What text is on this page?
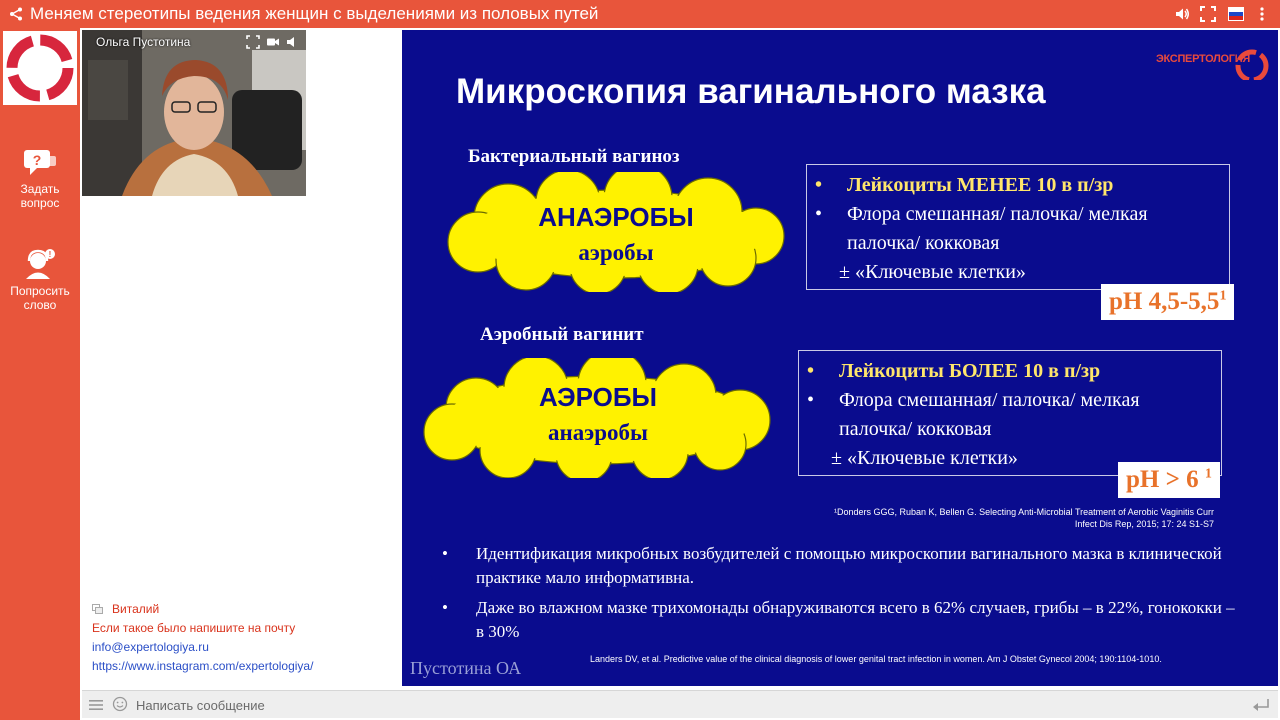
Меняем стереотипы ведения женщин с выделениями из половых путей
?
Задать вопрос
!
Попросить слово
Ольга Пустотина
Виталий
Если такое было напишите на почту
info@expertologiya.ru
https://www.instagram.com/expertologiya/
Написать сообщение
ЭКСПЕРТОЛОГИЯ
Микроскопия вагинального мазка
Бактериальный вагиноз
АНАЭРОБЫ
аэробы
• Лейкоциты МЕНЕЕ 10 в п/зр
• Флора смешанная/ палочка/ мелкая
палочка/ кокковая
± «Ключевые клетки»
pH $4,5-5,5^1$
Аэробный вагинит
АЭРОБЫ
анаэробы
• Лейкоциты БОЛЕЕ 10 в п/зр
• Флора смешанная/ палочка/ мелкая
палочка/ кокковая
± «Ключевые клетки»
pH > 6 $^1$
¹Donders GGG, Ruban K, Bellen G. Selecting Anti-Microbial Treatment of Aerobic Vaginitis Curr
Infect Dis Rep, 2015; 17: 24 S1-S7
• Идентификация микробных возбудителей с помощью микроскопии вагинального мазка в клинической практике мало информативна.
• Даже во влажном мазке трихомонады обнаруживаются всего в 62% случаев, грибы – в 22%, гонококки – в 30%
Landers DV, et al. Predictive value of the clinical diagnosis of lower genital tract infection in women. Am J Obstet Gynecol 2004; 190:1104-1010.
Пустотина ОА
